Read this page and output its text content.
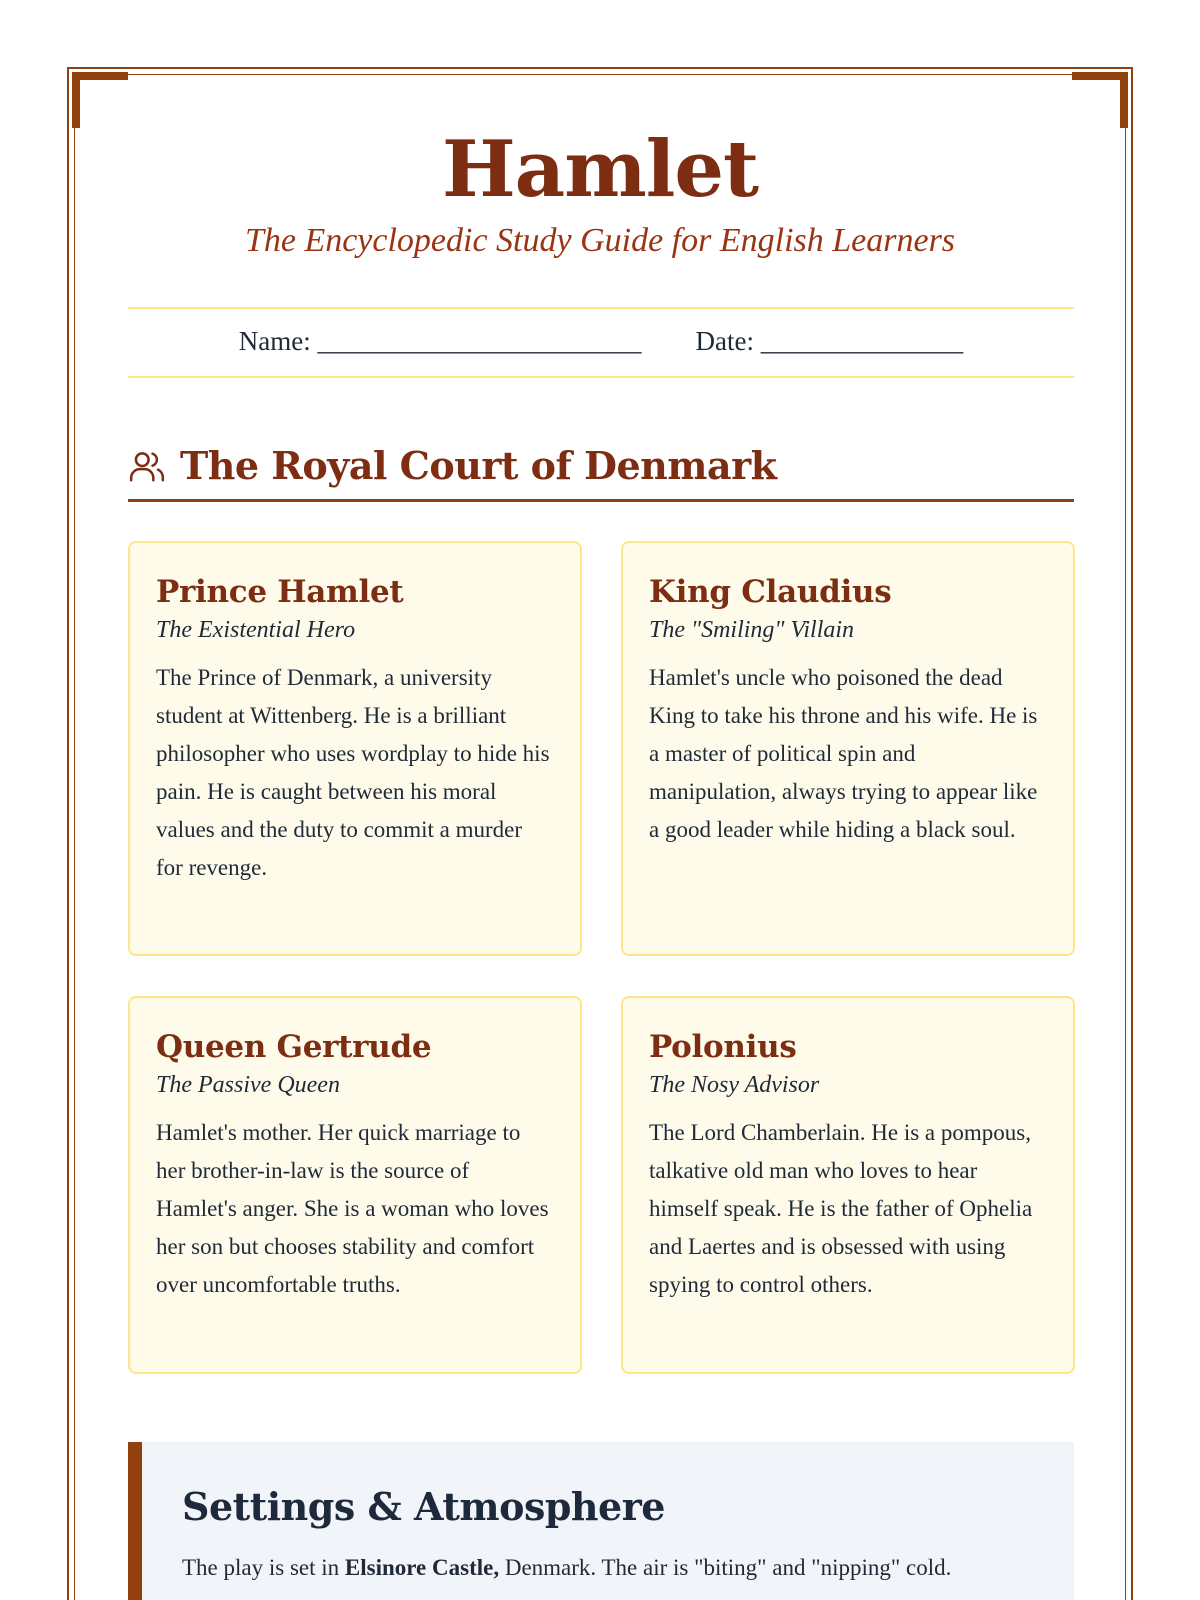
Hamlet
The Encyclopedic Study Guide for English Learners
Name: ________________________ Date: _______________
The Royal Court of Denmark
Prince Hamlet
The Existential Hero

The Prince of Denmark, a university student at Wittenberg. He is a brilliant philosopher who uses wordplay to hide his pain. He is caught between his moral values and the duty to commit a murder for revenge.

King Claudius
The "Smiling" Villain

Hamlet's uncle who poisoned the dead King to take his throne and his wife. He is a master of political spin and manipulation, always trying to appear like a good leader while hiding a black soul.

Queen Gertrude
The Passive Queen

Hamlet's mother. Her quick marriage to her brother-in-law is the source of Hamlet's anger. She is a woman who loves her son but chooses stability and comfort over uncomfortable truths.

Polonius
The Nosy Advisor

The Lord Chamberlain. He is a pompous, talkative old man who loves to hear himself speak. He is the father of Ophelia and Laertes and is obsessed with using spying to control others.

Settings & Atmosphere

The play is set in Elsinore Castle, Denmark. The air is "biting" and "nipping" cold.
